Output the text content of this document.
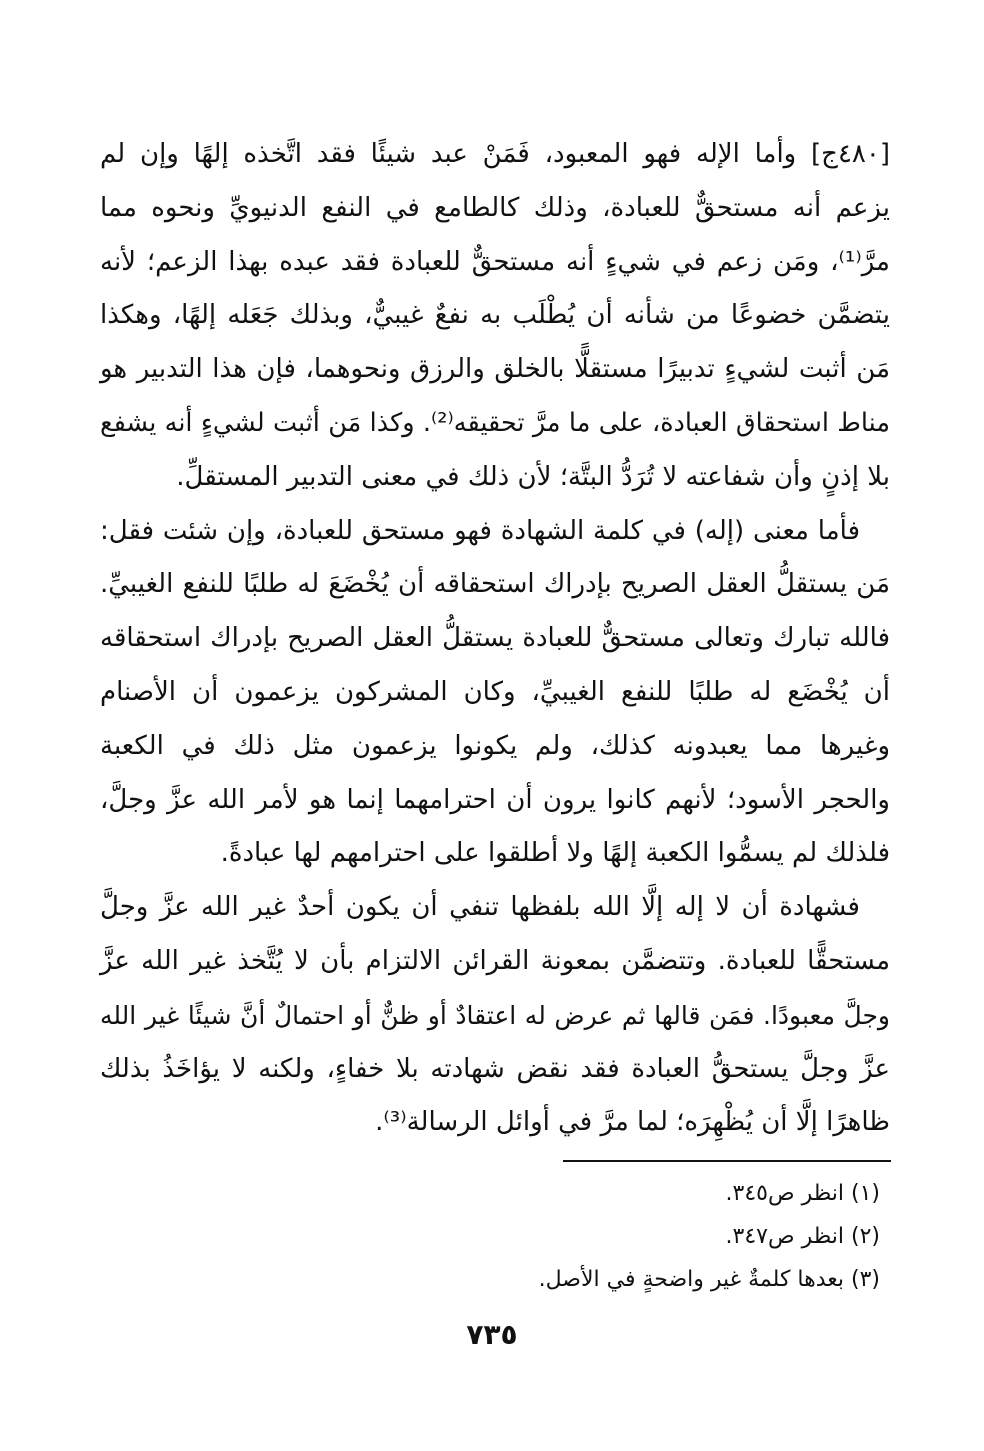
[٤٨٠ج] وأما الإله فهو المعبود، فَمَنْ عبد شيئًا فقد اتَّخذه إلهًا وإن لم
يزعم أنه مستحقٌّ للعبادة، وذلك كالطامع في النفع الدنيويِّ ونحوه مما
مرَّ⁽¹⁾، ومَن زعم في شيءٍ أنه مستحقٌّ للعبادة فقد عبده بهذا الزعم؛ لأنه
يتضمَّن خضوعًا من شأنه أن يُطْلَب به نفعٌ غيبيٌّ، وبذلك جَعَله إلهًا، وهكذا
مَن أثبت لشيءٍ تدبيرًا مستقلًّا بالخلق والرزق ونحوهما، فإن هذا التدبير هو
مناط استحقاق العبادة، على ما مرَّ تحقيقه⁽²⁾. وكذا مَن أثبت لشيءٍ أنه يشفع
بلا إذنٍ وأن شفاعته لا تُرَدُّ البتَّة؛ لأن ذلك في معنى التدبير المستقلِّ.

فأما معنى (إله) في كلمة الشهادة فهو مستحق للعبادة، وإن شئت فقل:
مَن يستقلُّ العقل الصريح بإدراك استحقاقه أن يُخْضَعَ له طلبًا للنفع الغيبيِّ.
فالله تبارك وتعالى مستحقٌّ للعبادة يستقلُّ العقل الصريح بإدراك استحقاقه
أن يُخْضَع له طلبًا للنفع الغيبيِّ، وكان المشركون يزعمون أن الأصنام
وغيرها مما يعبدونه كذلك، ولم يكونوا يزعمون مثل ذلك في الكعبة
والحجر الأسود؛ لأنهم كانوا يرون أن احترامهما إنما هو لأمر الله عزَّ وجلَّ،
فلذلك لم يسمُّوا الكعبة إلهًا ولا أطلقوا على احترامهم لها عبادةً.

فشهادة أن لا إله إلَّا الله بلفظها تنفي أن يكون أحدٌ غير الله عزَّ وجلَّ
مستحقًّا للعبادة. وتتضمَّن بمعونة القرائن الالتزام بأن لا يُتَّخذ غير الله عزَّ
وجلَّ معبودًا. فمَن قالها ثم عرض له اعتقادٌ أو ظنٌّ أو احتمالٌ أنَّ شيئًا غير الله
عزَّ وجلَّ يستحقُّ العبادة فقد نقض شهادته بلا خفاءٍ، ولكنه لا يؤاخَذُ بذلك
ظاهرًا إلَّا أن يُظْهِرَه؛ لما مرَّ في أوائل الرسالة⁽³⁾.

(١) انظر ص٣٤٥.
(٢) انظر ص٣٤٧.
(٣) بعدها كلمةٌ غير واضحةٍ في الأصل.
٧٣٥
